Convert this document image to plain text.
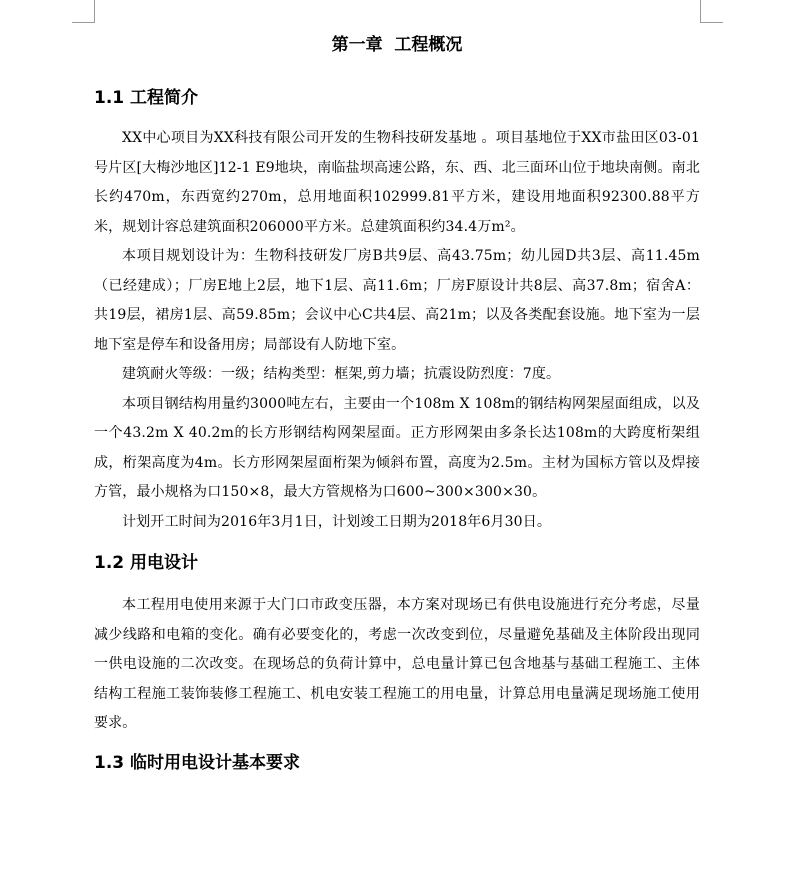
第一章  工程概况
1.1 工程简介

XX中心项目为XX科技有限公司开发的生物科技研发基地 。项目基地位于XX市盐田区03-01号片区[大梅沙地区]12-1 E9地块，南临盐坝高速公路，东、西、北三面环山位于地块南侧。南北长约470m，东西宽约270m，总用地面积102999.81平方米，建设用地面积92300.88平方米，规划计容总建筑面积206000平方米。总建筑面积约34.4万m²。

本项目规划设计为：生物科技研发厂房B共9层、高43.75m；幼儿园D共3层、高11.45m（已经建成）；厂房E地上2层，地下1层、高11.6m；厂房F原设计共8层、高37.8m；宿舍A：共19层，裙房1层、高59.85m；会议中心C共4层、高21m；以及各类配套设施。地下室为一层地下室是停车和设备用房；局部设有人防地下室。

建筑耐火等级：一级；结构类型：框架,剪力墙；抗震设防烈度：7度。

本项目钢结构用量约3000吨左右，主要由一个108m X 108m的钢结构网架屋面组成，以及一个43.2m X 40.2m的长方形钢结构网架屋面。正方形网架由多条长达108m的大跨度桁架组成，桁架高度为4m。长方形网架屋面桁架为倾斜布置，高度为2.5m。主材为国标方管以及焊接方管，最小规格为口150×8，最大方管规格为口600~300×300×30。

计划开工时间为2016年3月1日，计划竣工日期为2018年6月30日。

1.2 用电设计

本工程用电使用来源于大门口市政变压器，本方案对现场已有供电设施进行充分考虑，尽量减少线路和电箱的变化。确有必要变化的，考虑一次改变到位，尽量避免基础及主体阶段出现同一供电设施的二次改变。在现场总的负荷计算中，总电量计算已包含地基与基础工程施工、主体结构工程施工装饰装修工程施工、机电安装工程施工的用电量，计算总用电量满足现场施工使用要求。

1.3 临时用电设计基本要求
